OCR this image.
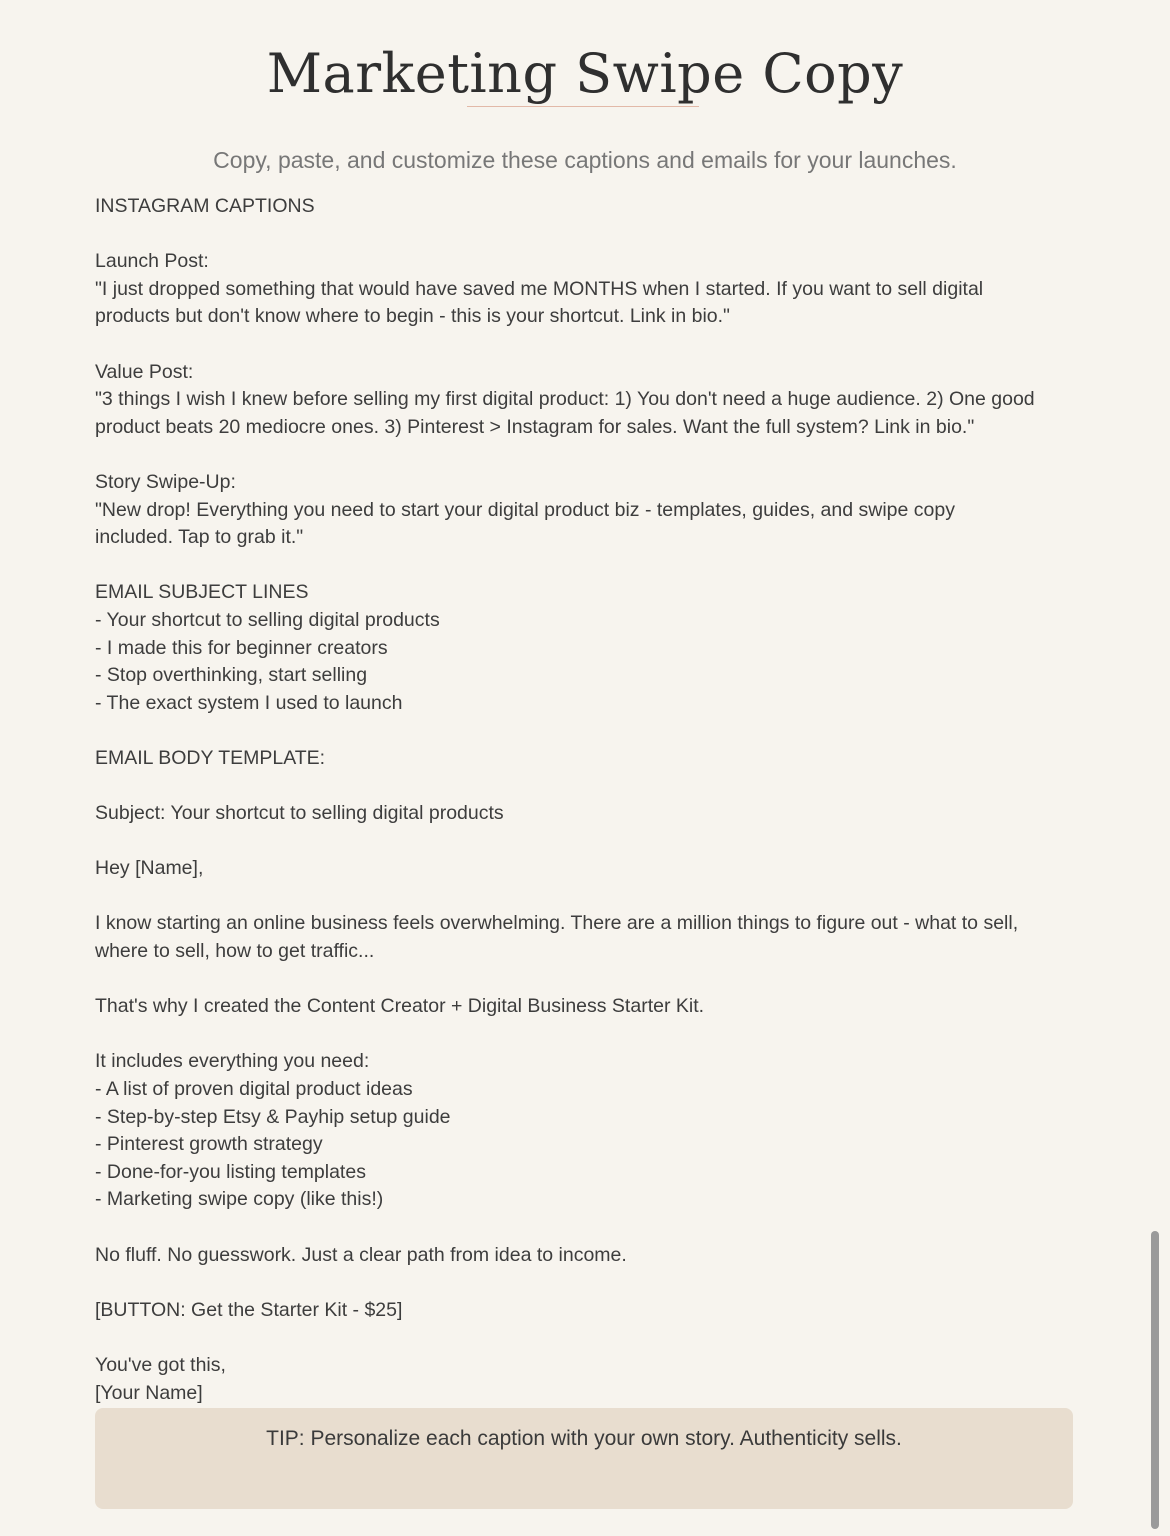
Marketing Swipe Copy
Copy, paste, and customize these captions and emails for your launches.
INSTAGRAM CAPTIONS
Launch Post:
"I just dropped something that would have saved me MONTHS when I started. If you want to sell digital
products but don't know where to begin - this is your shortcut. Link in bio."
Value Post:
"3 things I wish I knew before selling my first digital product: 1) You don't need a huge audience. 2) One good
product beats 20 mediocre ones. 3) Pinterest > Instagram for sales. Want the full system? Link in bio."
Story Swipe-Up:
"New drop! Everything you need to start your digital product biz - templates, guides, and swipe copy
included. Tap to grab it."
EMAIL SUBJECT LINES
- Your shortcut to selling digital products
- I made this for beginner creators
- Stop overthinking, start selling
- The exact system I used to launch
EMAIL BODY TEMPLATE:
Subject: Your shortcut to selling digital products
Hey [Name],
I know starting an online business feels overwhelming. There are a million things to figure out - what to sell,
where to sell, how to get traffic...
That's why I created the Content Creator + Digital Business Starter Kit.
It includes everything you need:
- A list of proven digital product ideas
- Step-by-step Etsy & Payhip setup guide
- Pinterest growth strategy
- Done-for-you listing templates
- Marketing swipe copy (like this!)
No fluff. No guesswork. Just a clear path from idea to income.
[BUTTON: Get the Starter Kit - $25]
You've got this,
[Your Name]
TIP: Personalize each caption with your own story. Authenticity sells.
